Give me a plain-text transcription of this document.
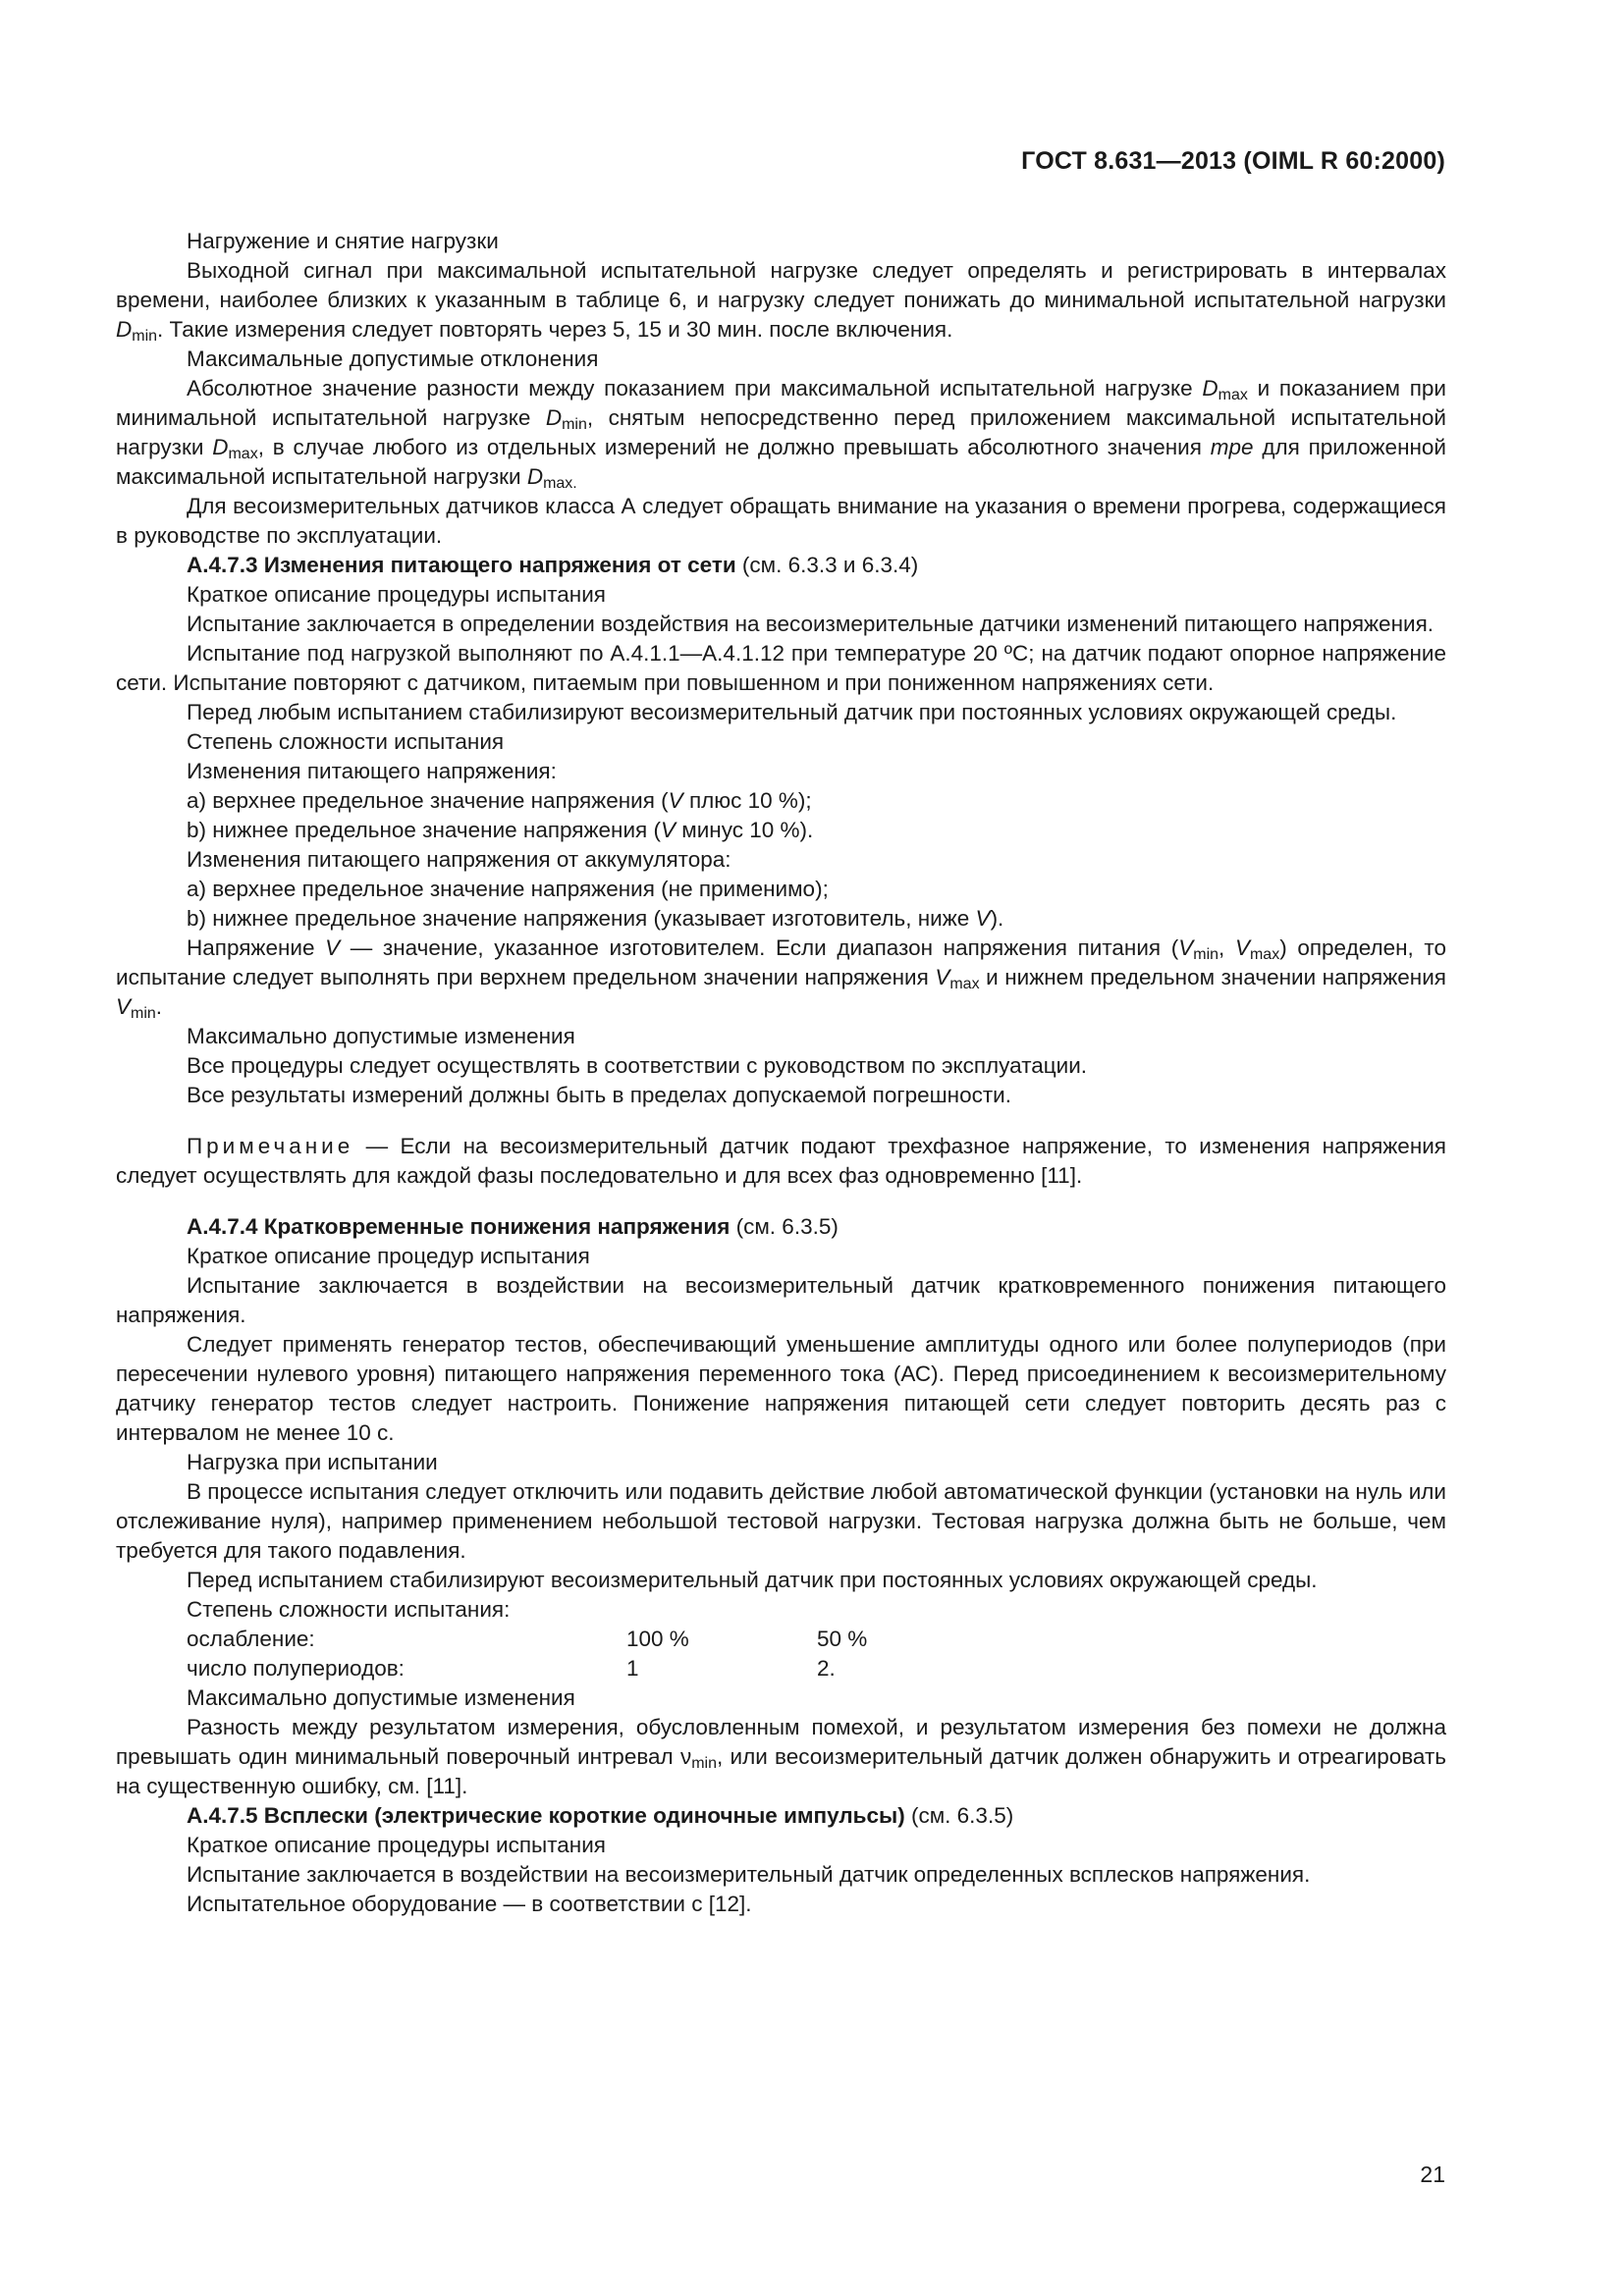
ГОСТ 8.631—2013 (OIML R 60:2000)

Нагружение и снятие нагрузки

Выходной сигнал при максимальной испытательной нагрузке следует определять и регистрировать в интервалах времени, наиболее близких к указанным в таблице 6, и нагрузку следует понижать до минимальной испытательной нагрузки $D_{min}$. Такие измерения следует повторять через 5, 15 и 30 мин. после включения.

Максимальные допустимые отклонения

Абсолютное значение разности между показанием при максимальной испытательной нагрузке $D_{max}$ и показанием при минимальной испытательной нагрузке $D_{min}$, снятым непосредственно перед приложением максимальной испытательной нагрузки $D_{max}$, в случае любого из отдельных измерений не должно превышать абсолютного значения mpe для приложенной максимальной испытательной нагрузки $D_{max.}$

Для весоизмерительных датчиков класса А следует обращать внимание на указания о времени прогрева, содержащиеся в руководстве по эксплуатации.

А.4.7.3 Изменения питающего напряжения от сети (см. 6.3.3 и 6.3.4)

Краткое описание процедуры испытания

Испытание заключается в определении воздействия на весоизмерительные датчики изменений питающего напряжения.

Испытание под нагрузкой выполняют по А.4.1.1—А.4.1.12 при температуре 20 ºС; на датчик подают опорное напряжение сети. Испытание повторяют с датчиком, питаемым при повышенном и при пониженном напряжениях сети.

Перед любым испытанием стабилизируют весоизмерительный датчик при постоянных условиях окружающей среды.

Степень сложности испытания

Изменения питающего напряжения:

а) верхнее предельное значение напряжения (V плюс 10 %);

b) нижнее предельное значение напряжения (V минус 10 %).

Изменения питающего напряжения от аккумулятора:

а) верхнее предельное значение напряжения (не применимо);

b) нижнее предельное значение напряжения (указывает изготовитель, ниже V).

Напряжение V — значение, указанное изготовителем. Если диапазон напряжения питания ($V_{min}$, $V_{max}$) определен, то испытание следует выполнять при верхнем предельном значении напряжения $V_{max}$ и нижнем предельном значении напряжения $V_{min}$.

Максимально допустимые изменения

Все процедуры следует осуществлять в соответствии с руководством по эксплуатации.

Все результаты измерений должны быть в пределах допускаемой погрешности.

Примечание — Если на весоизмерительный датчик подают трехфазное напряжение, то изменения напряжения следует осуществлять для каждой фазы последовательно и для всех фаз одновременно [11].

А.4.7.4 Кратковременные понижения напряжения (см. 6.3.5)

Краткое описание процедур испытания

Испытание заключается в воздействии на весоизмерительный датчик кратковременного понижения питающего напряжения.

Следует применять генератор тестов, обеспечивающий уменьшение амплитуды одного или более полупериодов (при пересечении нулевого уровня) питающего напряжения переменного тока (АС). Перед присоединением к весоизмерительному датчику генератор тестов следует настроить. Понижение напряжения питающей сети следует повторить десять раз с интервалом не менее 10 с.

Нагрузка при испытании

В процессе испытания следует отключить или подавить действие любой автоматической функции (установки на нуль или отслеживание нуля), например применением небольшой тестовой нагрузки. Тестовая нагрузка должна быть не больше, чем требуется для такого подавления.

Перед испытанием стабилизируют весоизмерительный датчик при постоянных условиях окружающей среды.

Степень сложности испытания:

ослабление:	100 %	50 %
число полупериодов:	1	2.

Максимально допустимые изменения

Разность между результатом измерения, обусловленным помехой, и результатом измерения без помехи не должна превышать один минимальный поверочный интревал $\nu_{min}$, или весоизмерительный датчик должен обнаружить и отреагировать на существенную ошибку, см. [11].

А.4.7.5 Всплески (электрические короткие одиночные импульсы) (см. 6.3.5)

Краткое описание процедуры испытания

Испытание заключается в воздействии на весоизмерительный датчик определенных всплесков напряжения.

Испытательное оборудование — в соответствии с [12].

21
